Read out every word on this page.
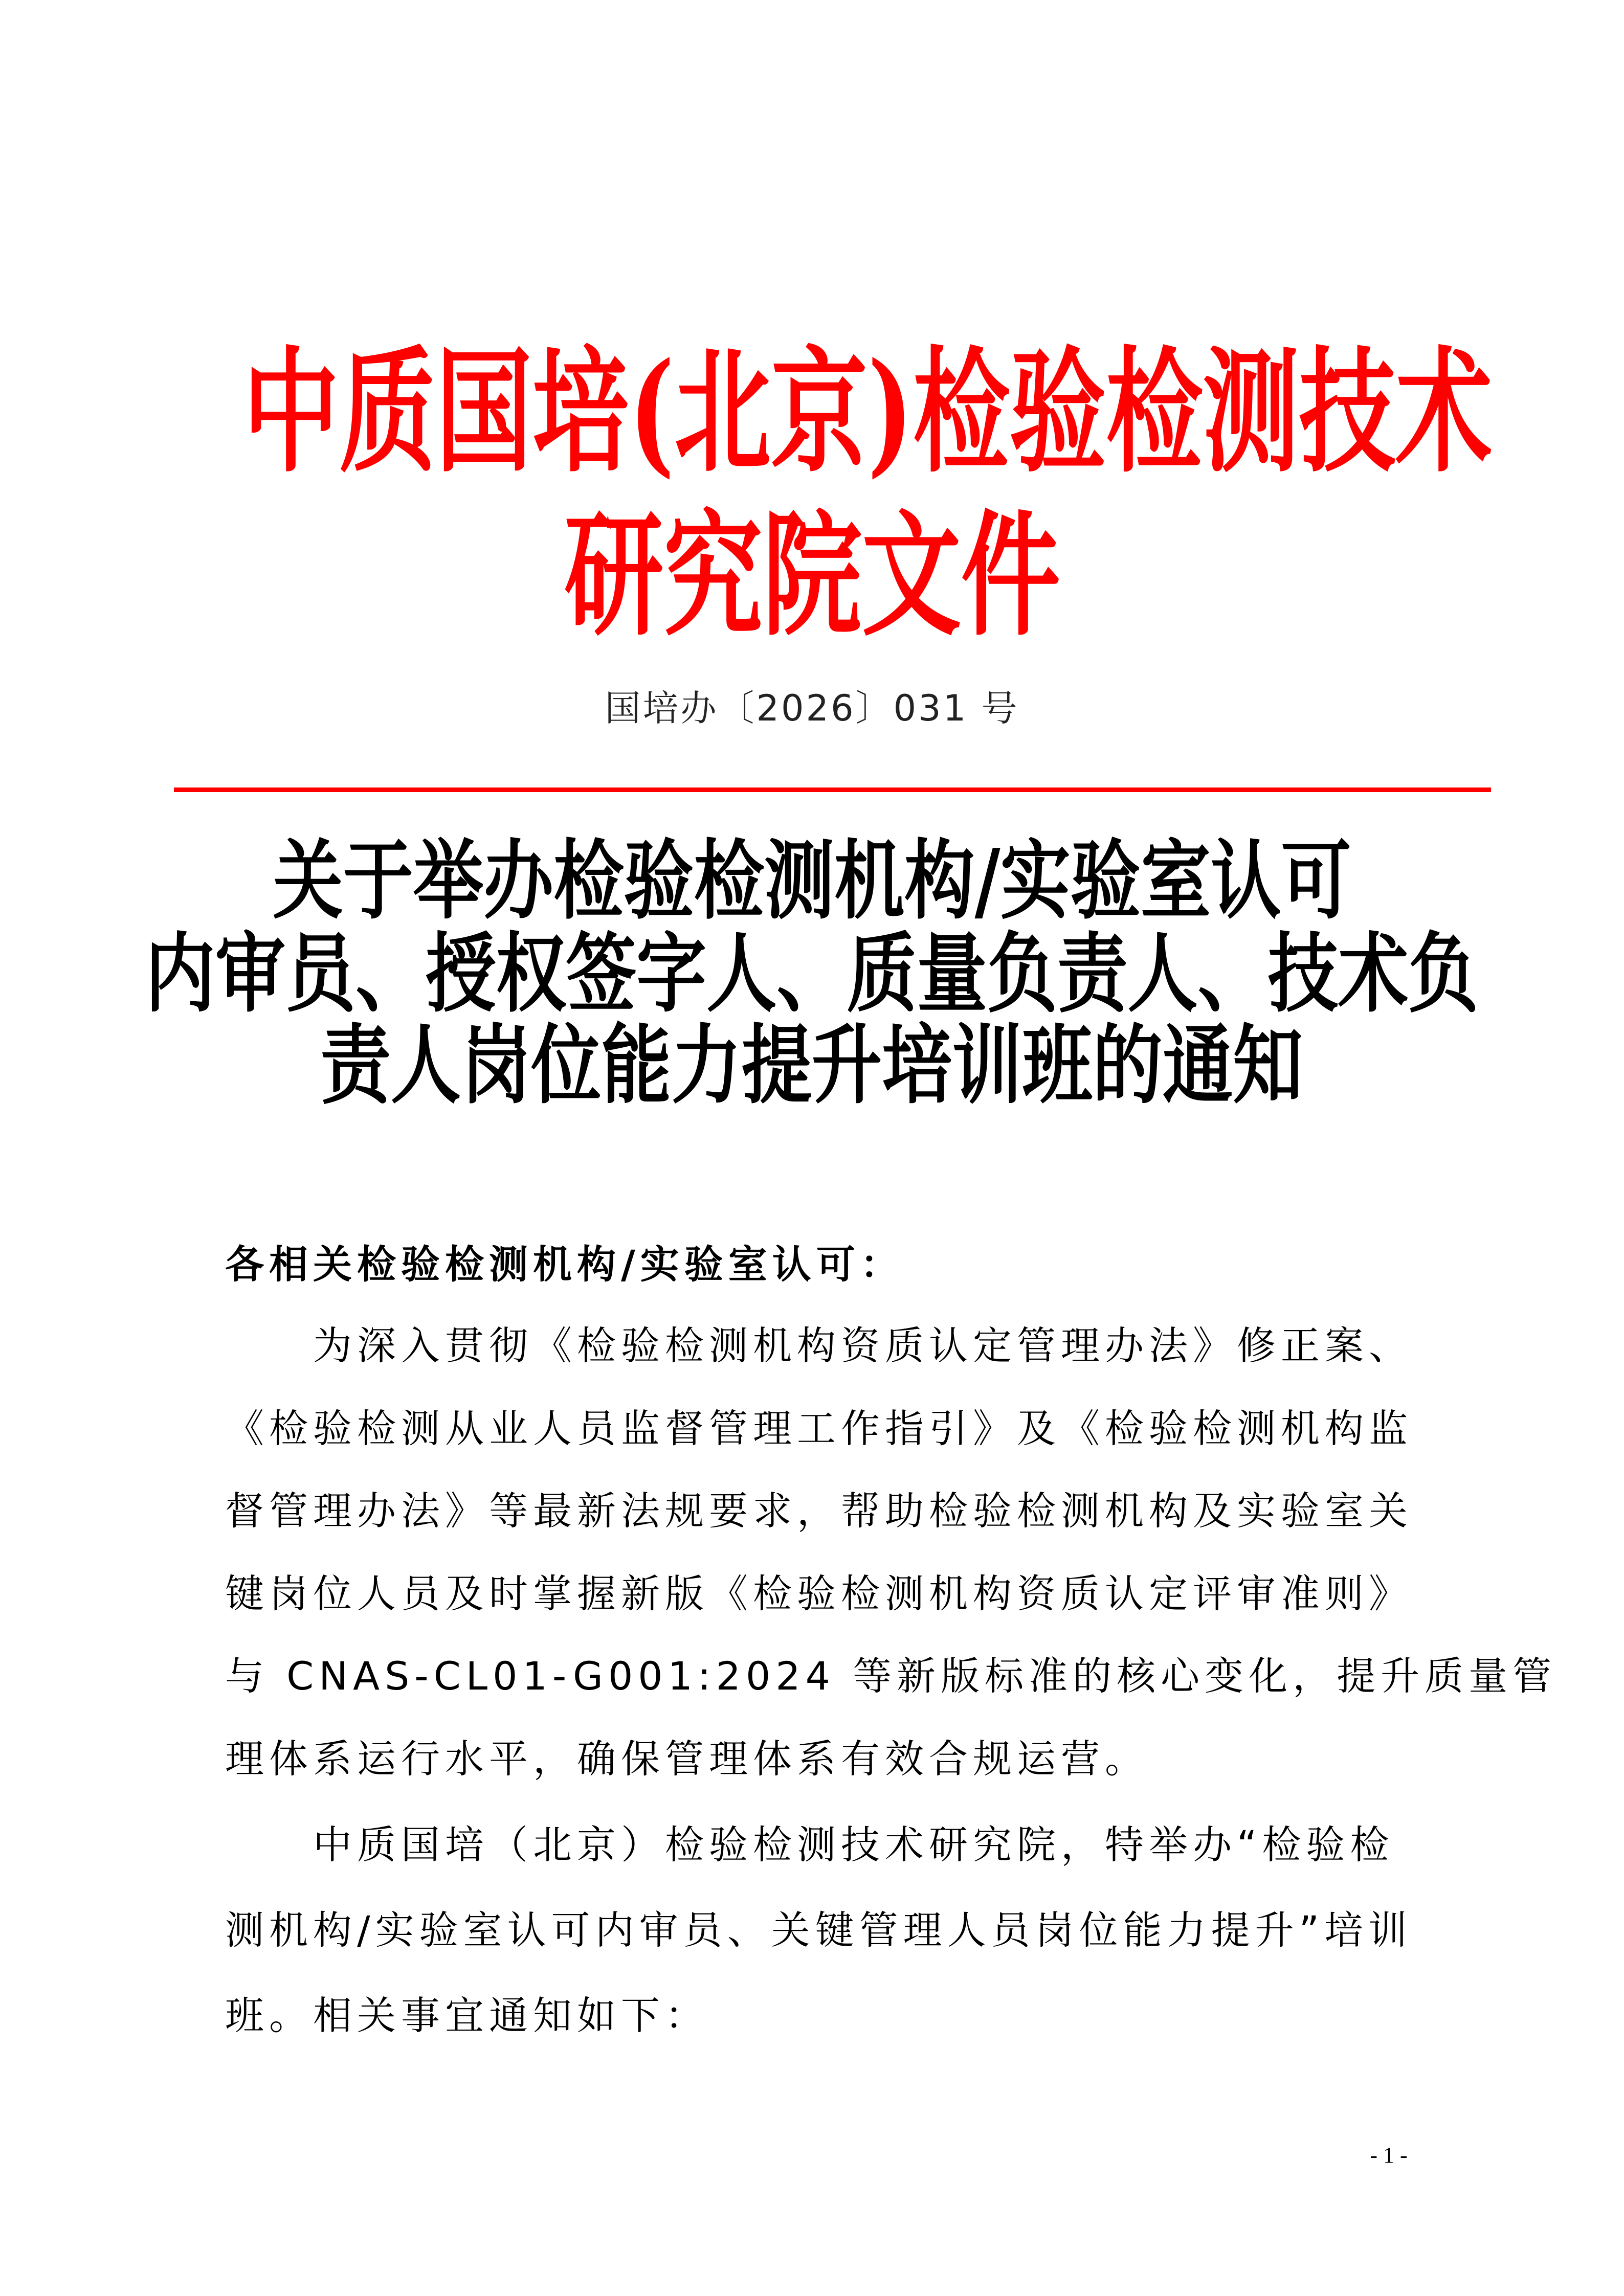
中质国培(北京)检验检测技术
研究院文件
国培办〔2026〕031 号
关于举办检验检测机构/实验室认可
内审员、授权签字人、质量负责人、技术负
责人岗位能力提升培训班的通知
各相关检验检测机构/实验室认可：
　　为深入贯彻《检验检测机构资质认定管理办法》修正案、
《检验检测从业人员监督管理工作指引》及《检验检测机构监
督管理办法》等最新法规要求，帮助检验检测机构及实验室关
键岗位人员及时掌握新版《检验检测机构资质认定评审准则》
与 CNAS-CL01-G001:2024 等新版标准的核心变化，提升质量管
理体系运行水平，确保管理体系有效合规运营。
　　中质国培（北京）检验检测技术研究院，特举办“检验检
测机构/实验室认可内审员、关键管理人员岗位能力提升”培训
班。相关事宜通知如下：
- 1 -
